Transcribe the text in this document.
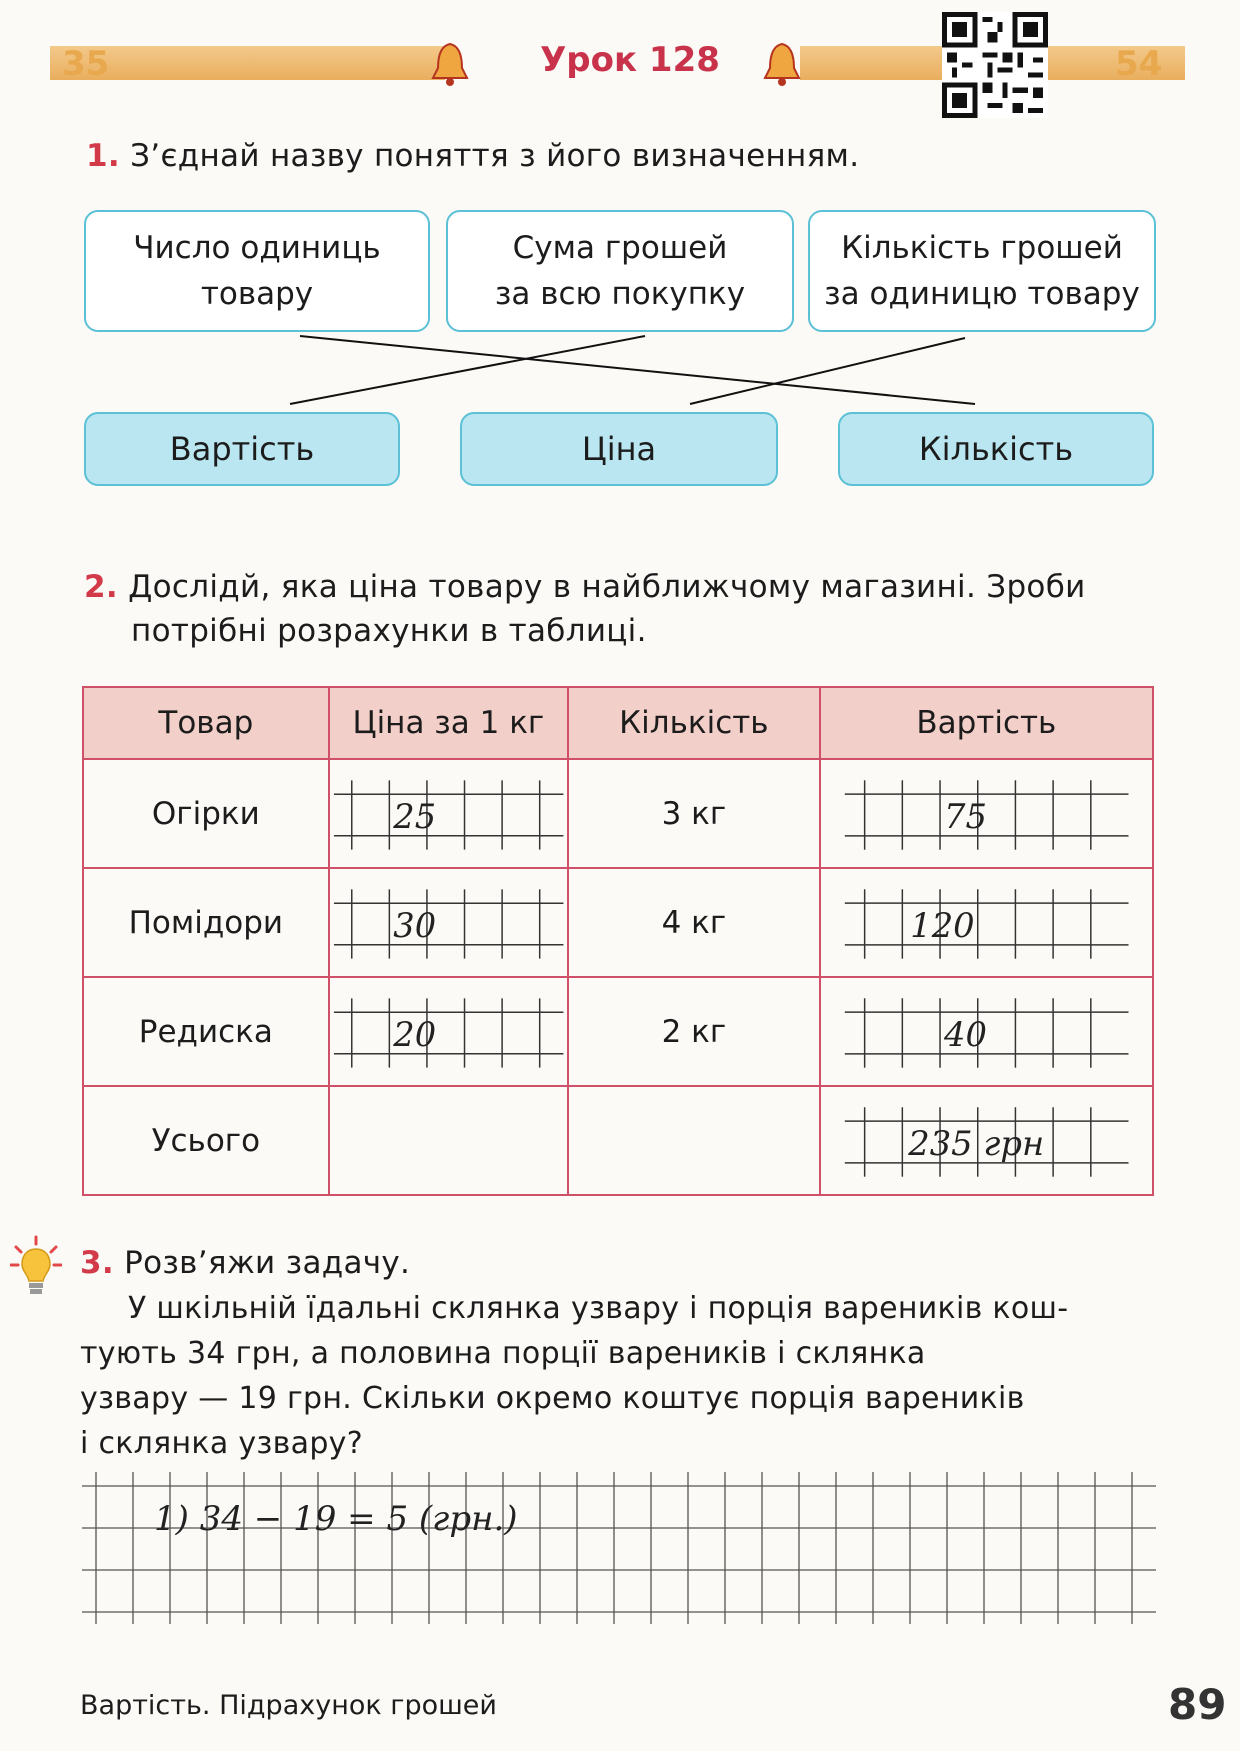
35	54
Урок 128
1. З’єднай назву поняття з його визначенням.
Число одиниць
товару
Сума грошей
за всю покупку
Кількість грошей
за одиницю товару
Вартість	Ціна	Кількість
2. Дослідй, яка ціна товару в найближчому магазині. Зроби
потрібні розрахунки в таблиці.
Товар	Ціна за 1 кг	Кількість	Вартість
Огірки	25	3 кг	75

Помідори	30	4 кг	120

Редиска	20	2 кг	40

Усього			235 грн
3. Розв’яжи задачу.
У шкільній їдальні склянка узвару і порція вареників кош-
тують 34 грн, а половина порції вареників і склянка
узвару — 19 грн. Скільки окремо коштує порція вареників
і склянка узвару?
1) 34 − 19 = 5 (грн.)
Вартість. Підрахунок грошей	89
